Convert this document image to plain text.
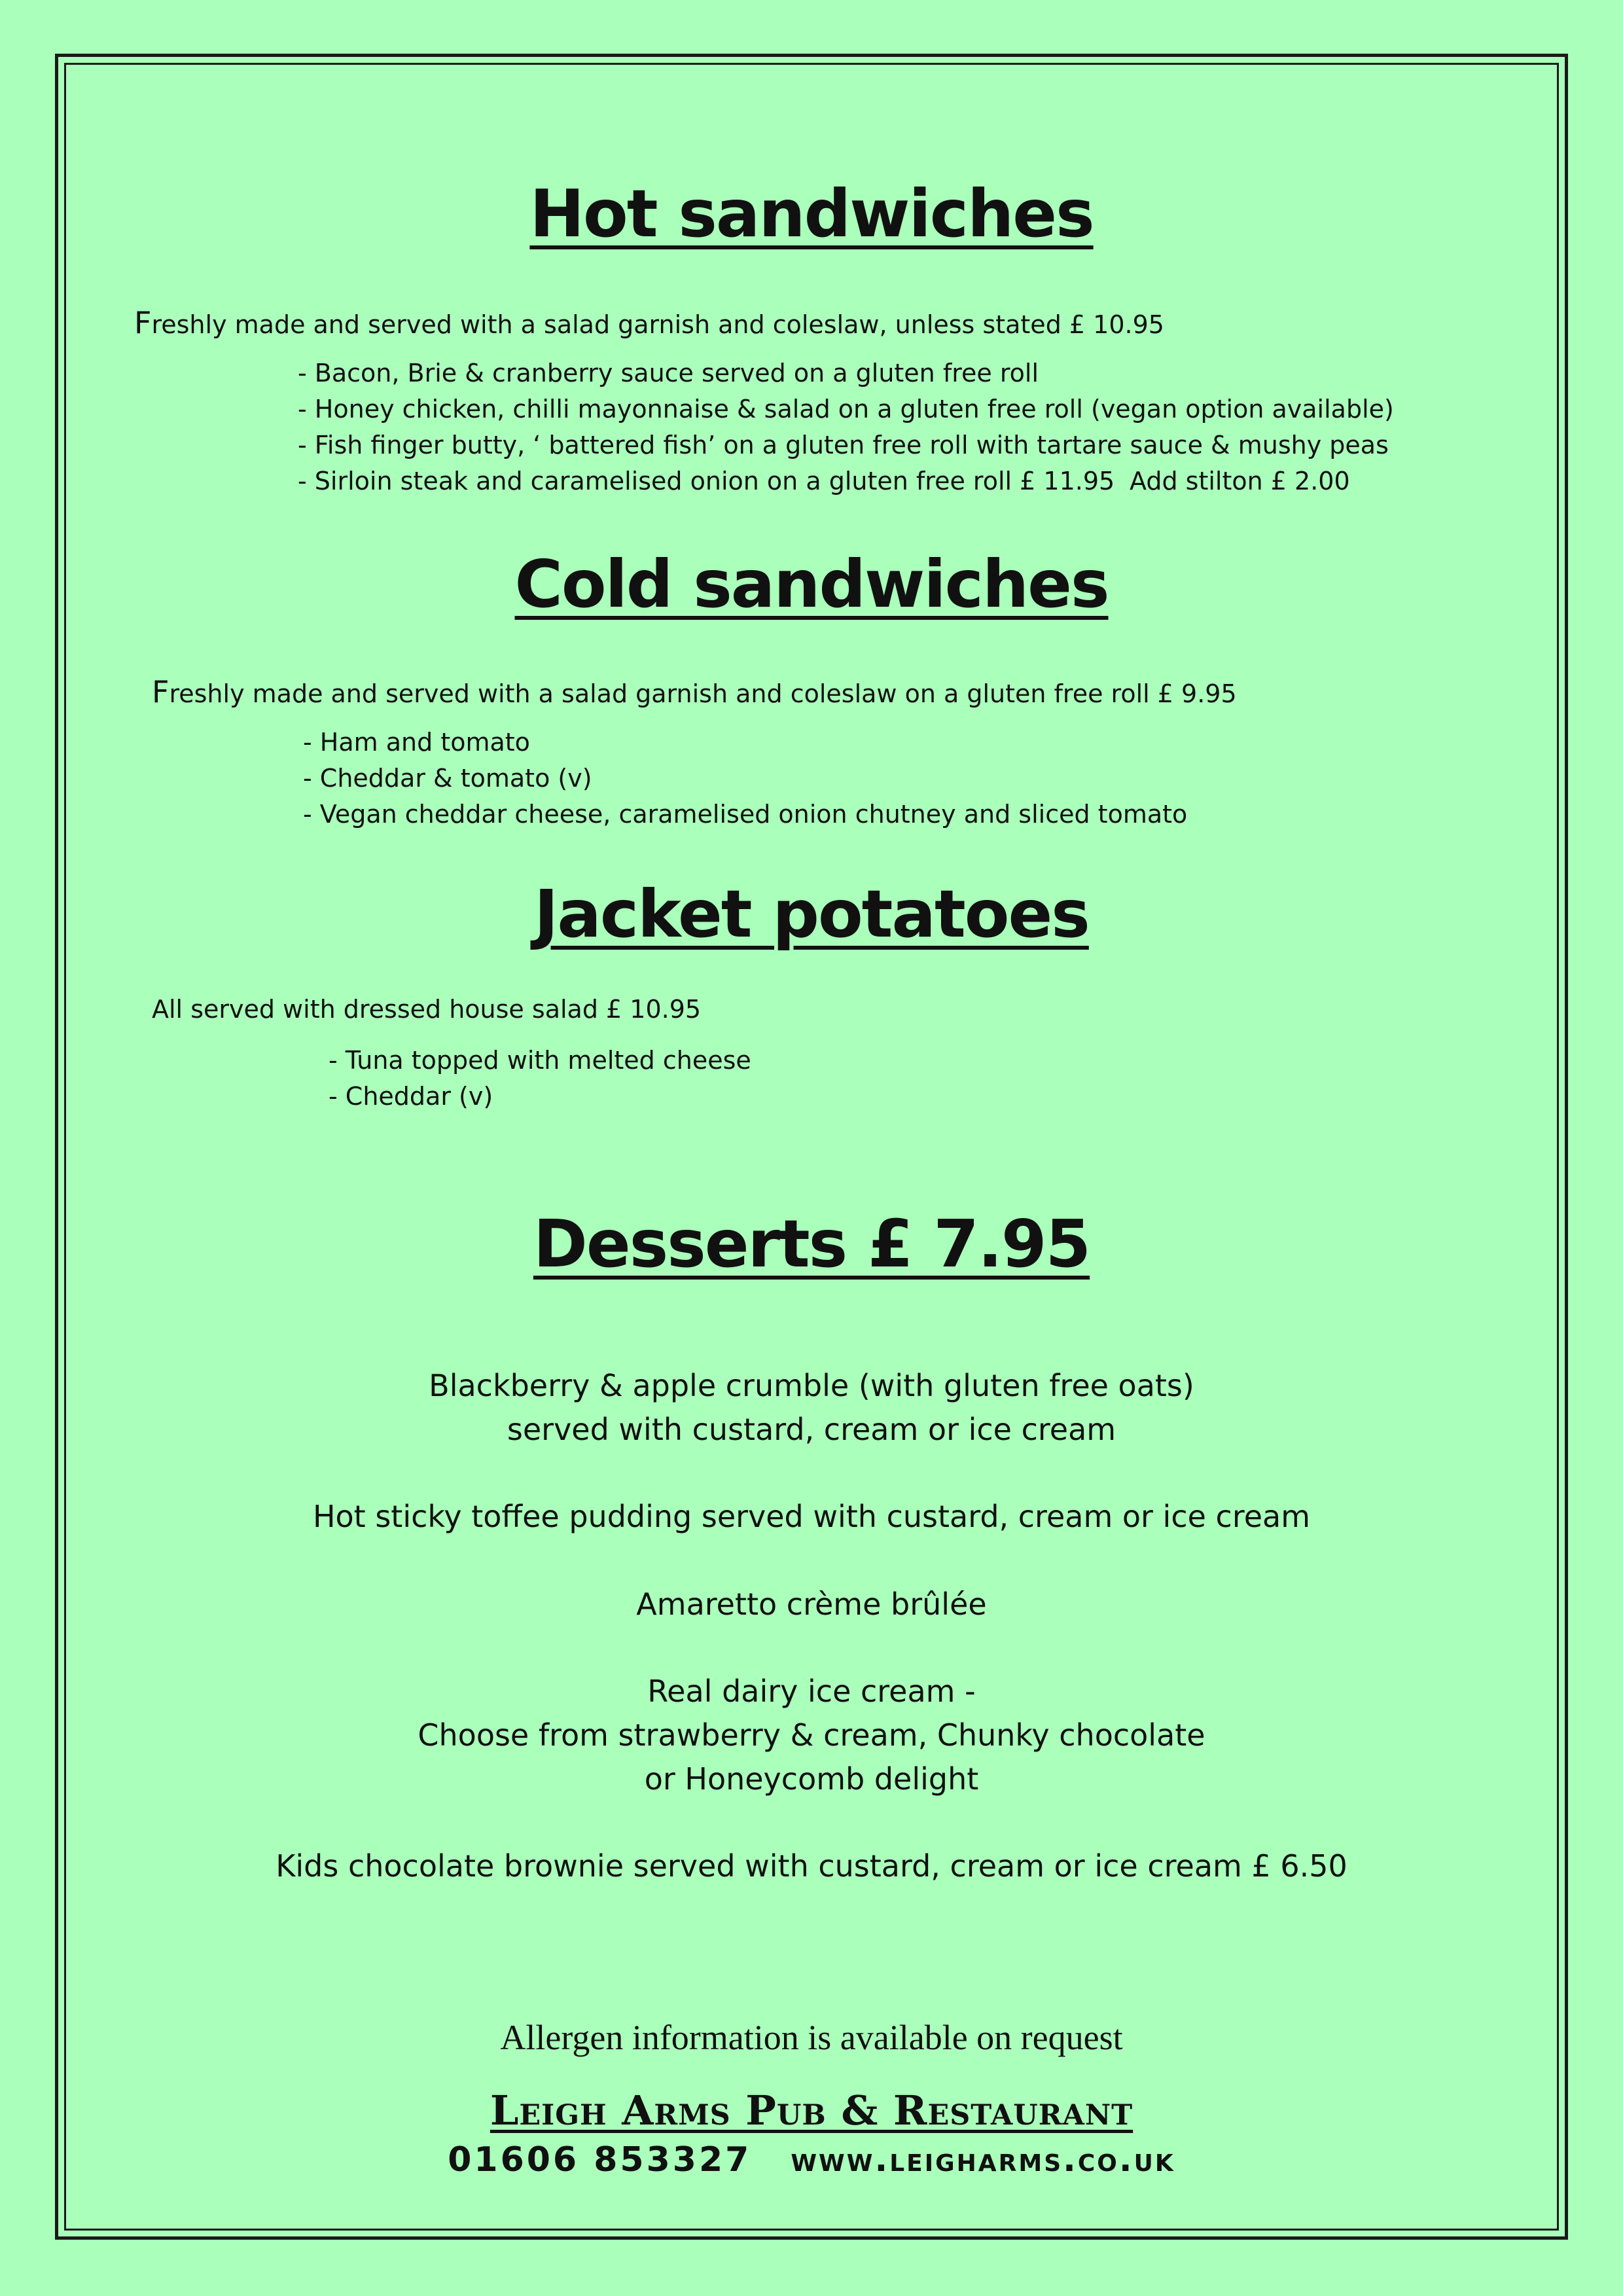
Hot sandwiches
Freshly made and served with a salad garnish and coleslaw, unless stated £ 10.95
- Bacon, Brie & cranberry sauce served on a gluten free roll
- Honey chicken, chilli mayonnaise & salad on a gluten free roll (vegan option available)
- Fish finger butty, ‘ battered fish’ on a gluten free roll with tartare sauce & mushy peas
- Sirloin steak and caramelised onion on a gluten free roll £ 11.95 Add stilton £ 2.00
Cold sandwiches
Freshly made and served with a salad garnish and coleslaw on a gluten free roll £ 9.95
- Ham and tomato
- Cheddar & tomato (v)
- Vegan cheddar cheese, caramelised onion chutney and sliced tomato
Jacket potatoes
All served with dressed house salad £ 10.95
- Tuna topped with melted cheese
- Cheddar (v)
Desserts £ 7.95
Blackberry & apple crumble (with gluten free oats)
served with custard, cream or ice cream
Hot sticky toffee pudding served with custard, cream or ice cream
Amaretto crème brûlée
Real dairy ice cream -
Choose from strawberry & cream, Chunky chocolate
or Honeycomb delight
Kids chocolate brownie served with custard, cream or ice cream £ 6.50
Allergen information is available on request
Leigh Arms Pub & Restaurant
01606 853327 www.leigharms.co.uk
